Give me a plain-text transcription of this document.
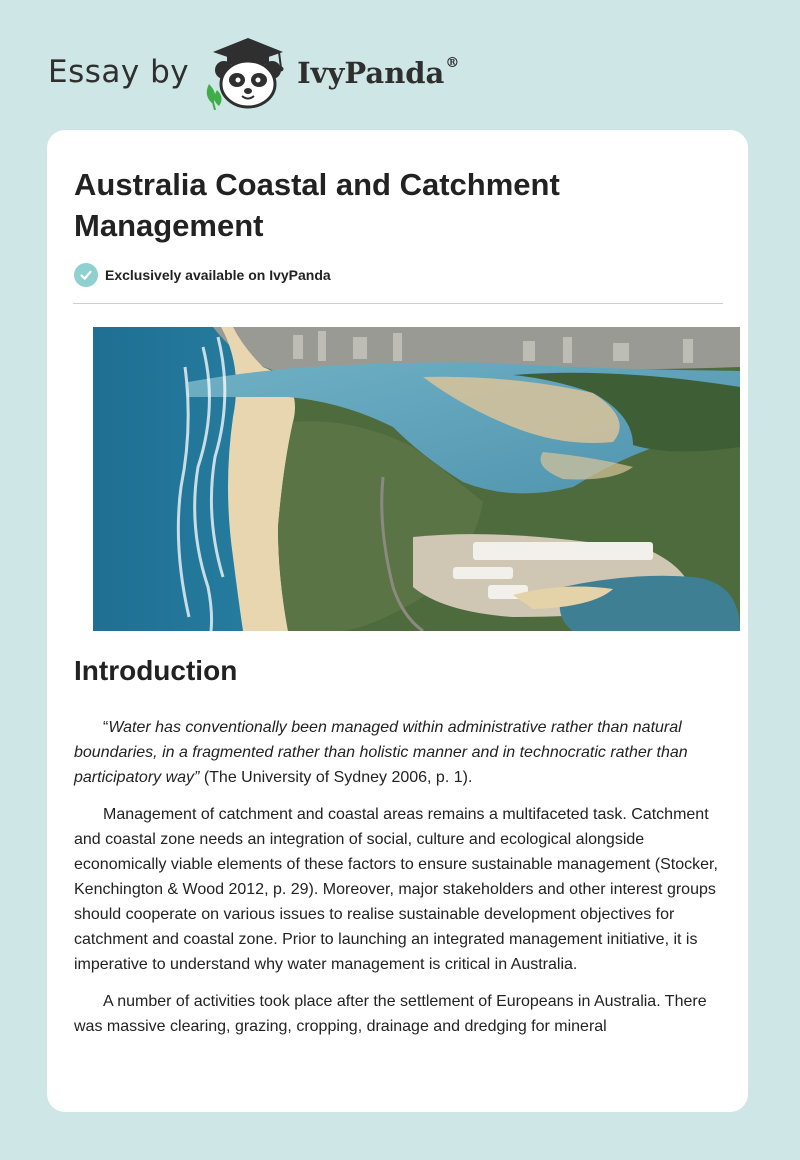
Essay by	IvyPanda®
Australia Coastal and Catchment Management
Exclusively available on IvyPanda
Introduction

“Water has conventionally been managed within administrative rather than natural boundaries, in a fragmented rather than holistic manner and in technocratic rather than participatory way” (The University of Sydney 2006, p. 1).

Management of catchment and coastal areas remains a multifaceted task. Catchment and coastal zone needs an integration of social, culture and ecological alongside economically viable elements of these factors to ensure sustainable management (Stocker, Kenchington & Wood 2012, p. 29). Moreover, major stakeholders and other interest groups should cooperate on various issues to realise sustainable development objectives for catchment and coastal zone. Prior to launching an integrated management initiative, it is imperative to understand why water management is critical in Australia.

A number of activities took place after the settlement of Europeans in Australia. There was massive clearing, grazing, cropping, drainage and dredging for mineral
